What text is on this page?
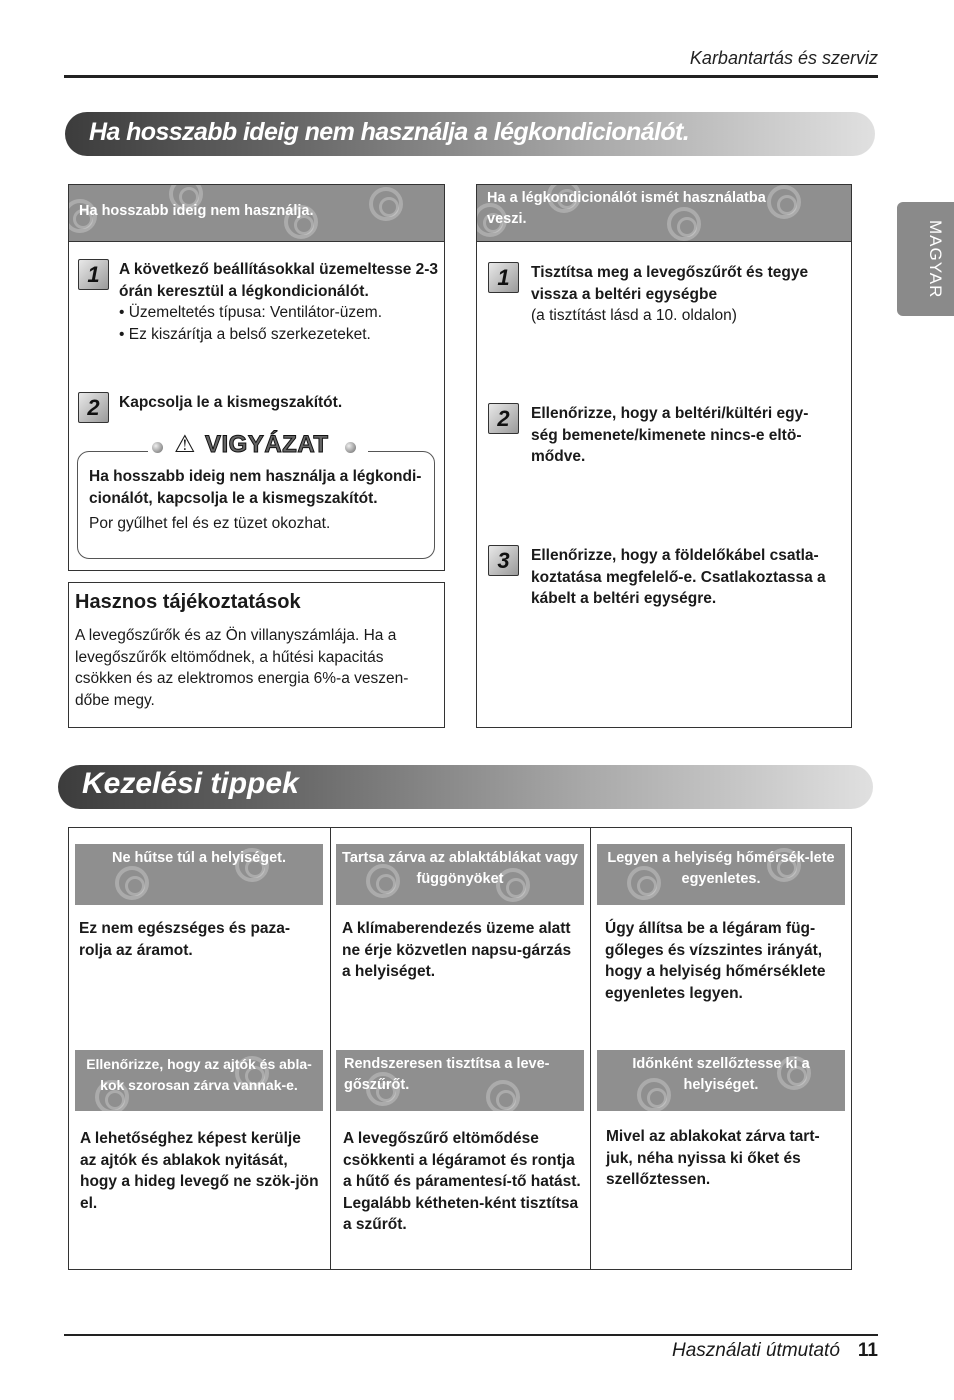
Karbantartás és szerviz
MAGYAR
Ha hosszabb ideig nem használja a légkondicionálót.
Ha hosszabb ideig nem használja.
1	A következő beállításokkal üzemeltesse 2-3 órán keresztül a légkondicionálót.
• Üzemeltetés típusa: Ventilátor-üzem.
• Ez kiszárítja a belső szerkezeteket.
2	Kapcsolja le a kismegszakítót.
⚠ VIGYÁZAT
Ha hosszabb ideig nem használja a légkondi-cionálót, kapcsolja le a kismegszakítót.
Por gyűlhet fel és ez tüzet okozhat.
Hasznos tájékoztatások
A levegőszűrők és az Ön villanyszámlája. Ha a levegőszűrők eltömődnek, a hűtési kapacitás csökken és az elektromos energia 6%-a veszen-dőbe megy.
Ha a légkondicionálót ismét használatba veszi.
1	Tisztítsa meg a levegőszűrőt és tegye vissza a beltéri egységbe
(a tisztítást lásd a 10. oldalon)
2	Ellenőrizze, hogy a beltéri/kültéri egy-ség bemenete/kimenete nincs-e eltö-mődve.
3	Ellenőrizze, hogy a földelőkábel csatla-koztatása megfelelő-e. Csatlakoztassa a kábelt a beltéri egységre.
Kezelési tippek
Ne hűtse túl a helyiséget.	Tartsa zárva az ablaktáblákat vagy függönyöket
Legyen a helyiség hőmérsék-lete egyenletes.
Ez nem egészséges és paza-rolja az áramot.
A klímaberendezés üzeme alatt ne érje közvetlen napsu-gárzás a helyiséget.
Úgy állítsa be a légáram füg-gőleges és vízszintes irányát, hogy a helyiség hőmérséklete egyenletes legyen.
Ellenőrizze, hogy az ajtók és abla-kok szorosan zárva vannak-e.
Rendszeresen tisztítsa a leve-gőszűrőt.
Időnként szellőztesse ki a helyiséget.
A lehetőséghez képest kerülje az ajtók és ablakok nyitását, hogy a hideg levegő ne szök-jön el.
A levegőszűrő eltömődése csökkenti a légáramot és rontja a hűtő és páramentesí-tő hatást. Legalább kétheten-ként tisztítsa a szűrőt.
Mivel az ablakokat zárva tart-juk, néha nyissa ki őket és szellőztessen.
Használati útmutató 11
